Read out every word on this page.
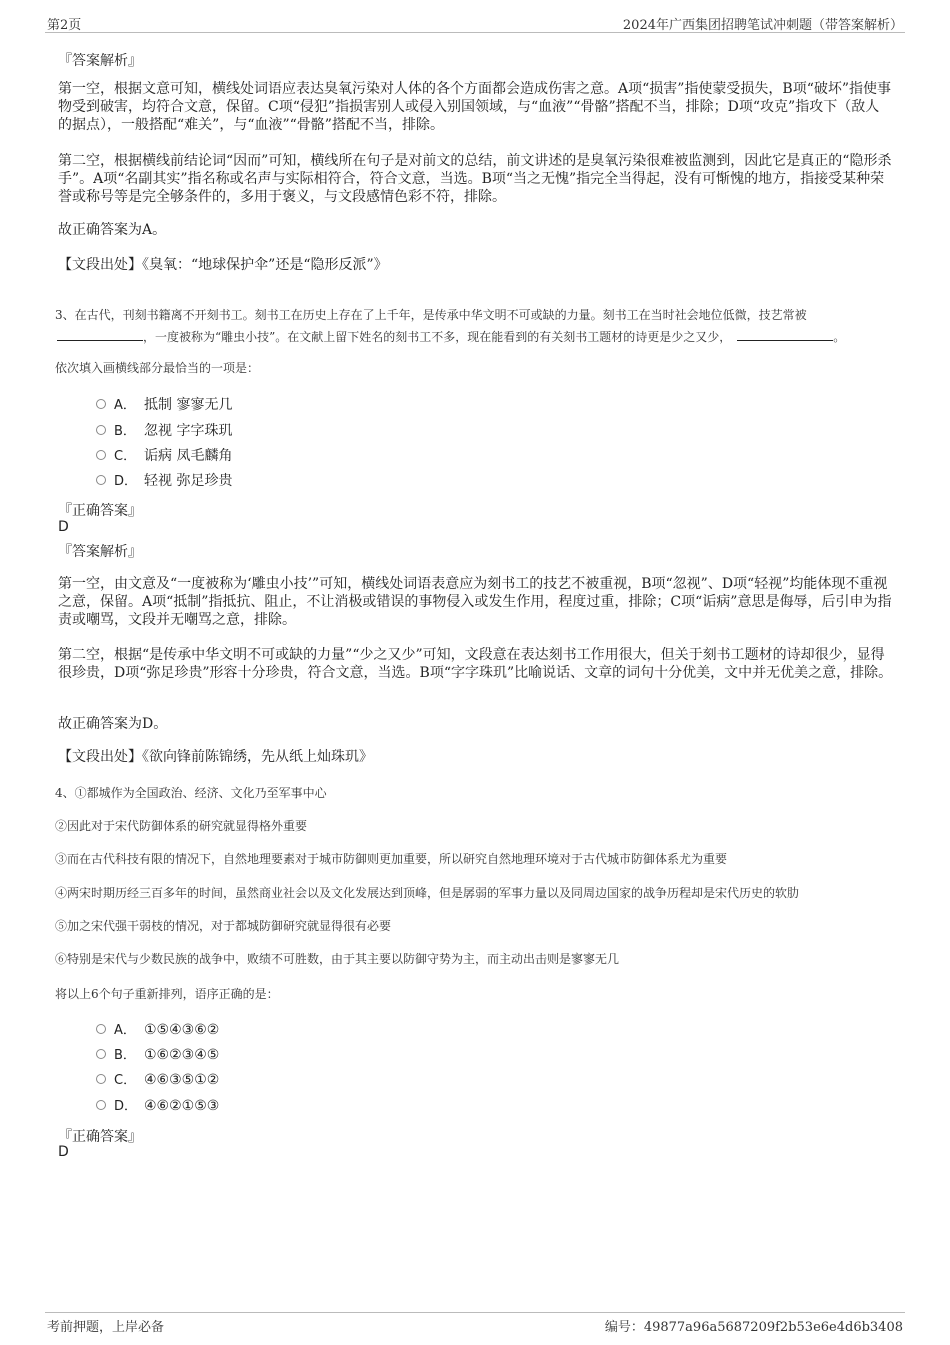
第2页	2024年广西集团招聘笔试冲刺题（带答案解析）
『答案解析』
第一空，根据文意可知，横线处词语应表达臭氧污染对人体的各个方面都会造成伤害之意。A项“损害”指使蒙受损失，B项“破坏”指使事物受到破害，均符合文意，保留。C项“侵犯”指损害别人或侵入别国领域，与“血液”“骨骼”搭配不当，排除；D项“攻克”指攻下（敌人的据点），一般搭配“难关”，与“血液”“骨骼”搭配不当，排除。
第二空，根据横线前结论词“因而”可知，横线所在句子是对前文的总结，前文讲述的是臭氧污染很难被监测到，因此它是真正的“隐形杀手”。A项“名副其实”指名称或名声与实际相符合，符合文意，当选。B项“当之无愧”指完全当得起，没有可惭愧的地方，指接受某种荣誉或称号等是完全够条件的，多用于褒义，与文段感情色彩不符，排除。
故正确答案为A。
【文段出处】《臭氧：“地球保护伞”还是“隐形反派”》
3、在古代，刊刻书籍离不开刻书工。刻书工在历史上存在了上千年，是传承中华文明不可或缺的力量。刻书工在当时社会地位低微，技艺常被
，一度被称为“雕虫小技”。在文献上留下姓名的刻书工不多，现在能看到的有关刻书工题材的诗更是少之又少，	。
依次填入画横线部分最恰当的一项是：
A． 抵制 寥寥无几
B． 忽视 字字珠玑
C． 诟病 凤毛麟角
D． 轻视 弥足珍贵
『正确答案』
D
『答案解析』
第一空，由文意及“一度被称为‘雕虫小技’”可知，横线处词语表意应为刻书工的技艺不被重视，B项“忽视”、D项“轻视”均能体现不重视之意，保留。A项“抵制”指抵抗、阻止，不让消极或错误的事物侵入或发生作用，程度过重，排除；C项“诟病”意思是侮辱，后引申为指责或嘲骂，文段并无嘲骂之意，排除。
第二空，根据“是传承中华文明不可或缺的力量”“少之又少”可知，文段意在表达刻书工作用很大，但关于刻书工题材的诗却很少，显得很珍贵，D项“弥足珍贵”形容十分珍贵，符合文意，当选。B项“字字珠玑”比喻说话、文章的词句十分优美，文中并无优美之意，排除。
故正确答案为D。
【文段出处】《欲向锋前陈锦绣，先从纸上灿珠玑》
4、①都城作为全国政治、经济、文化乃至军事中心
②因此对于宋代防御体系的研究就显得格外重要
③而在古代科技有限的情况下，自然地理要素对于城市防御则更加重要，所以研究自然地理环境对于古代城市防御体系尤为重要
④两宋时期历经三百多年的时间，虽然商业社会以及文化发展达到顶峰，但是孱弱的军事力量以及同周边国家的战争历程却是宋代历史的软肋
⑤加之宋代强干弱枝的情况，对于都城防御研究就显得很有必要
⑥特别是宋代与少数民族的战争中，败绩不可胜数，由于其主要以防御守势为主，而主动出击则是寥寥无几
将以上6个句子重新排列，语序正确的是：
A． ①⑤④③⑥②
B． ①⑥②③④⑤
C． ④⑥③⑤①②
D． ④⑥②①⑤③
『正确答案』
D
考前押题，上岸必备	编号：49877a96a5687209f2b53e6e4d6b3408
